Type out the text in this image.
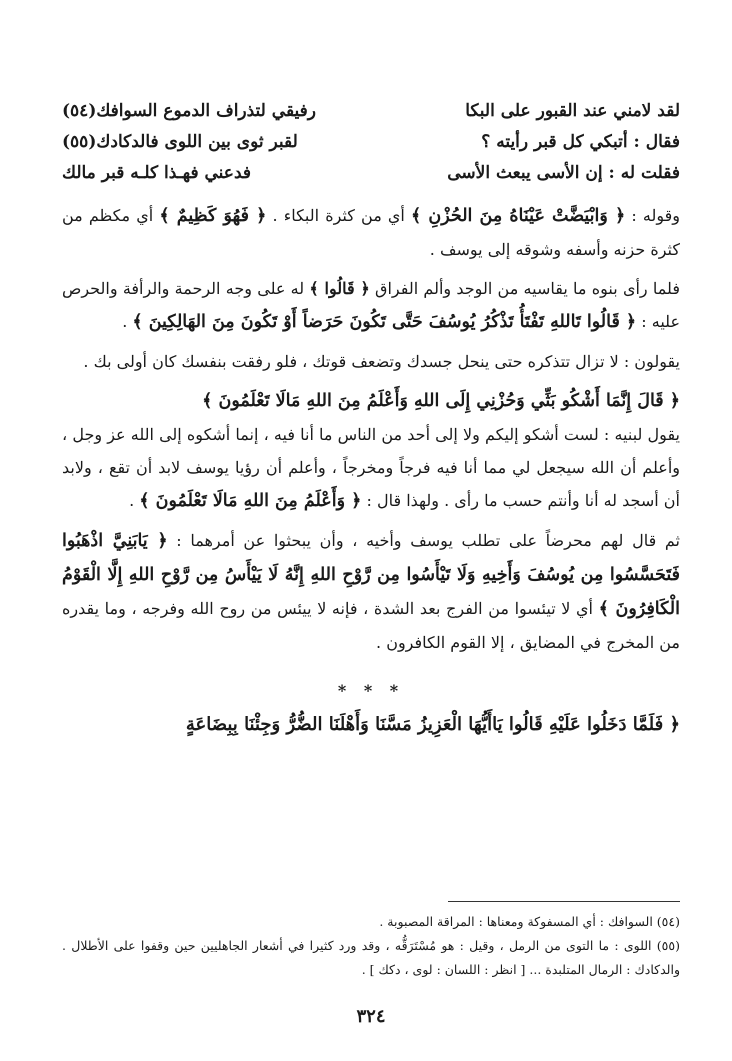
لقد لامني عند القبور على البكا
رفيقي لتذراف الدموع السوافك(٥٤)
فقال : أتبكي كل قبر رأيته ؟
لقبر ثوى بين اللوى فالدكادك(٥٥)
فقلت له : إن الأسى يبعث الأسى
فدعني فهـذا كلـه قبر مالك

وقوله : ﴿ وَابْيَضَّتْ عَيْنَاهُ مِنَ الحُزْنِ ﴾ أي من كثرة البكاء . ﴿ فَهُوَ كَظِيمٌ ﴾ أي مكظم من كثرة حزنه وأسفه وشوقه إلى يوسف .

فلما رأى بنوه ما يقاسيه من الوجد وألم الفراق ﴿ قَالُوا ﴾ له على وجه الرحمة والرأفة والحرص عليه : ﴿ قَالُوا تَاللهِ تَفْتَأُ تَذْكُرُ يُوسُفَ حَتَّى تَكُونَ حَرَضاً أَوْ تَكُونَ مِنَ الهَالِكِينَ ﴾ .

يقولون : لا تزال تتذكره حتى ينحل جسدك وتضعف قوتك ، فلو رفقت بنفسك كان أولى بك .

﴿ قَالَ إِنَّمَا أَشْكُو بَثِّي وَحُزْنِي إِلَى اللهِ وَأَعْلَمُ مِنَ اللهِ مَالَا تَعْلَمُونَ ﴾
يقول لبنيه : لست أشكو إليكم ولا إلى أحد من الناس ما أنا فيه ، إنما أشكوه إلى الله عز وجل ، وأعلم أن الله سيجعل لي مما أنا فيه فرجاً ومخرجاً ، وأعلم أن رؤيا يوسف لابد أن تقع ، ولابد أن أسجد له أنا وأنتم حسب ما رأى . ولهذا قال : ﴿ وَأَعْلَمُ مِنَ اللهِ مَالَا تَعْلَمُونَ ﴾ .

ثم قال لهم محرضاً على تطلب يوسف وأخيه ، وأن يبحثوا عن أمرهما : ﴿ يَابَنِيَّ اذْهَبُوا فَتَحَسَّسُوا مِن يُوسُفَ وَأَخِيهِ وَلَا تَيْأَسُوا مِن رَّوْحِ اللهِ إِنَّهُ لَا يَيْأَسُ مِن رَّوْحِ اللهِ إِلَّا الْقَوْمُ الْكَافِرُونَ ﴾ أي لا تيئسوا من الفرج بعد الشدة ، فإنه لا ييئس من روح الله وفرجه ، وما يقدره من المخرج في المضايق ، إلا القوم الكافرون .

* * *
﴿ فَلَمَّا دَخَلُوا عَلَيْهِ قَالُوا يَاأَيُّهَا الْعَزِيزُ مَسَّنَا وَأَهْلَنَا الضُّرُّ وَجِئْنَا بِبِضَاعَةٍ

(٥٤) السوافك : أي المسفوكة ومعناها : المراقة المصبوبة .

(٥٥) اللوى : ما التوى من الرمل ، وقيل : هو مُسْتَرَقُّه ، وقد ورد كثيرا في أشعار الجاهليين حين وقفوا على الأطلال . والدكادك : الرمال المتلبدة ... [ انظر : اللسان : لوى ، دكك ] .

٣٢٤
